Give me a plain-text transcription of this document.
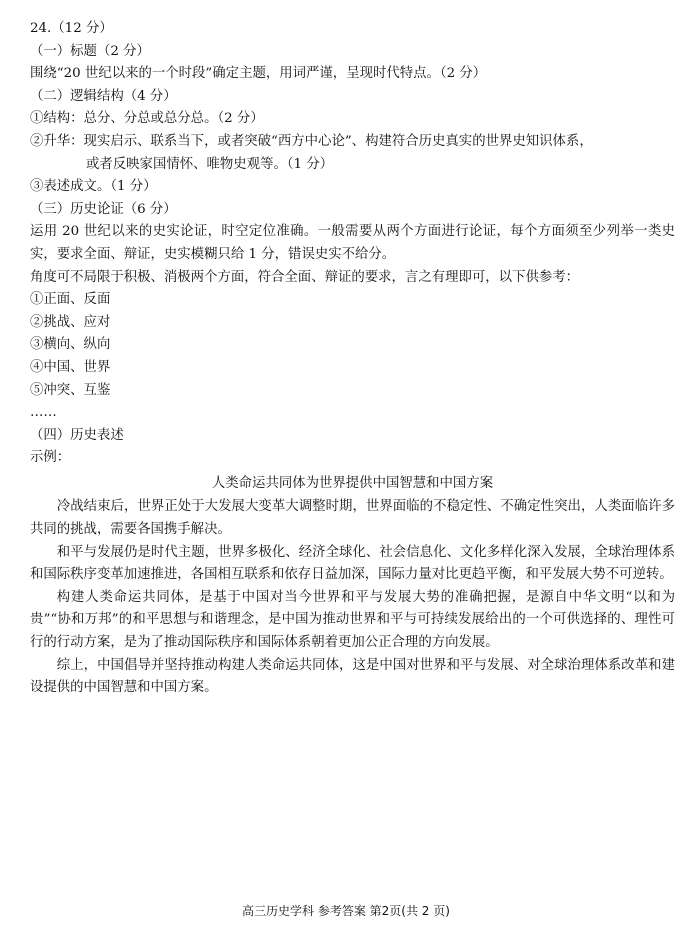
24.（12 分）

（一）标题（2 分）

围绕“20 世纪以来的一个时段”确定主题，用词严谨，呈现时代特点。（2 分）

（二）逻辑结构（4 分）

①结构：总分、分总或总分总。（2 分）

②升华：现实启示、联系当下，或者突破“西方中心论”、构建符合历史真实的世界史知识体系，

或者反映家国情怀、唯物史观等。（1 分）

③表述成文。（1 分）

（三）历史论证（6 分）

运用 20 世纪以来的史实论证，时空定位准确。一般需要从两个方面进行论证，每个方面须至少列举一类史实，要求全面、辩证，史实模糊只给 1 分，错误史实不给分。

角度可不局限于积极、消极两个方面，符合全面、辩证的要求，言之有理即可，以下供参考：

①正面、反面

②挑战、应对

③横向、纵向

④中国、世界

⑤冲突、互鉴

……

（四）历史表述

示例：

人类命运共同体为世界提供中国智慧和中国方案

冷战结束后，世界正处于大发展大变革大调整时期，世界面临的不稳定性、不确定性突出，人类面临许多共同的挑战，需要各国携手解决。

和平与发展仍是时代主题，世界多极化、经济全球化、社会信息化、文化多样化深入发展，全球治理体系和国际秩序变革加速推进，各国相互联系和依存日益加深，国际力量对比更趋平衡，和平发展大势不可逆转。

构建人类命运共同体，是基于中国对当今世界和平与发展大势的准确把握，是源自中华文明“以和为贵”“协和万邦”的和平思想与和谐理念，是中国为推动世界和平与可持续发展给出的一个可供选择的、理性可行的行动方案，是为了推动国际秩序和国际体系朝着更加公正合理的方向发展。

综上，中国倡导并坚持推动构建人类命运共同体，这是中国对世界和平与发展、对全球治理体系改革和建设提供的中国智慧和中国方案。

高三历史学科 参考答案 第2页(共 2 页)
